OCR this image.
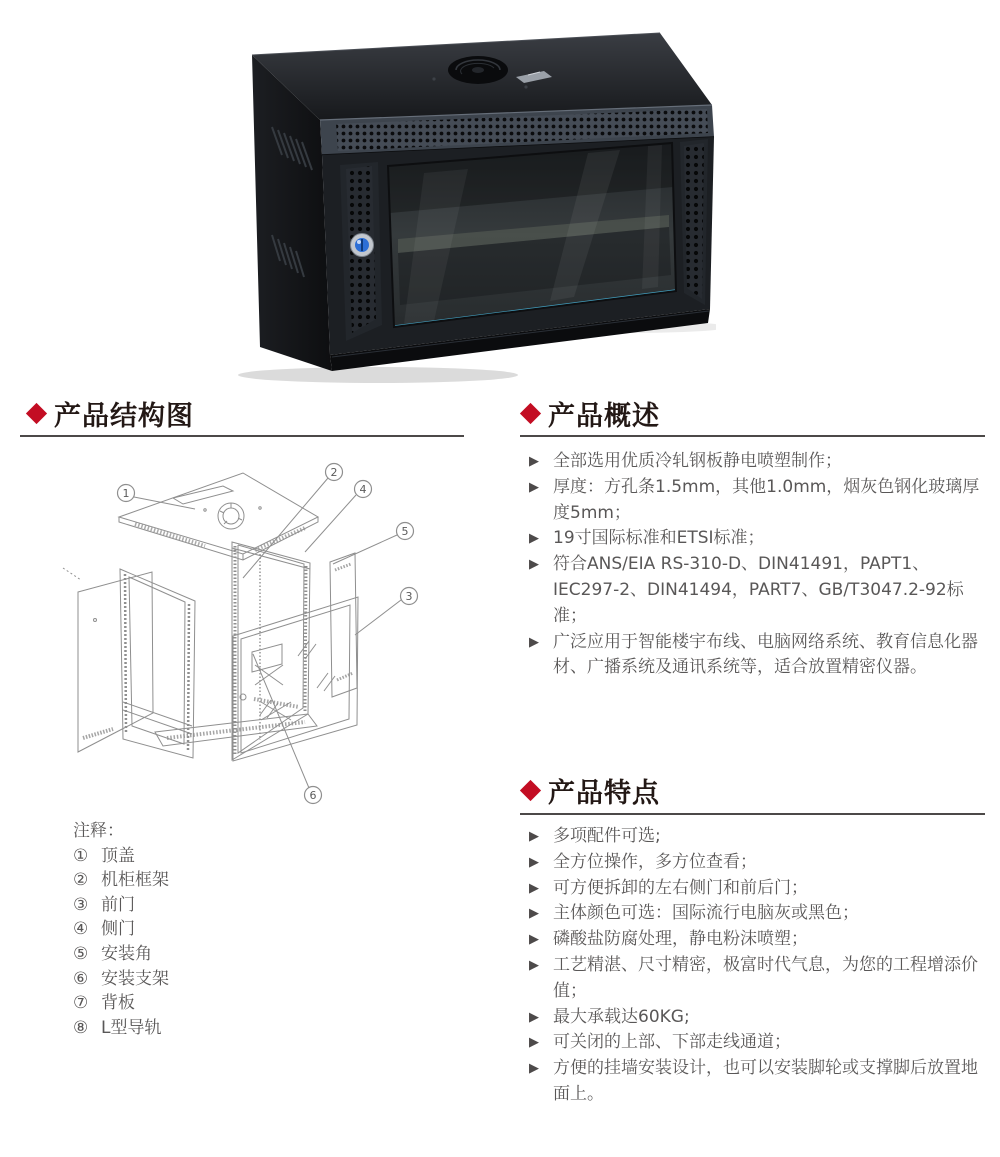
产品结构图
1
2
4
5
3
6
注释：
① 顶盖
② 机柜框架
③ 前门
④ 侧门
⑤ 安装角
⑥ 安装支架
⑦ 背板
⑧ L型导轨
产品概述
▶ 全部选用优质冷轧钢板静电喷塑制作；
▶ 厚度：方孔条1.5mm，其他1.0mm，烟灰色钢化玻璃厚度5mm；
▶ 19寸国际标准和ETSI标准；
▶ 符合ANS/EIA RS-310-D、DIN41491，PAPT1、IEC297-2、DIN41494，PART7、GB/T3047.2-92标准；
▶ 广泛应用于智能楼宇布线、电脑网络系统、教育信息化器材、广播系统及通讯系统等，适合放置精密仪器。
产品特点
▶ 多项配件可选;
▶ 全方位操作，多方位查看；
▶ 可方便拆卸的左右侧门和前后门；
▶ 主体颜色可选：国际流行电脑灰或黑色；
▶ 磷酸盐防腐处理，静电粉沫喷塑；
▶ 工艺精湛、尺寸精密，极富时代气息，为您的工程增添价值；
▶ 最大承载达60KG;
▶ 可关闭的上部、下部走线通道；
▶ 方便的挂墙安装设计，也可以安装脚轮或支撑脚后放置地面上。
